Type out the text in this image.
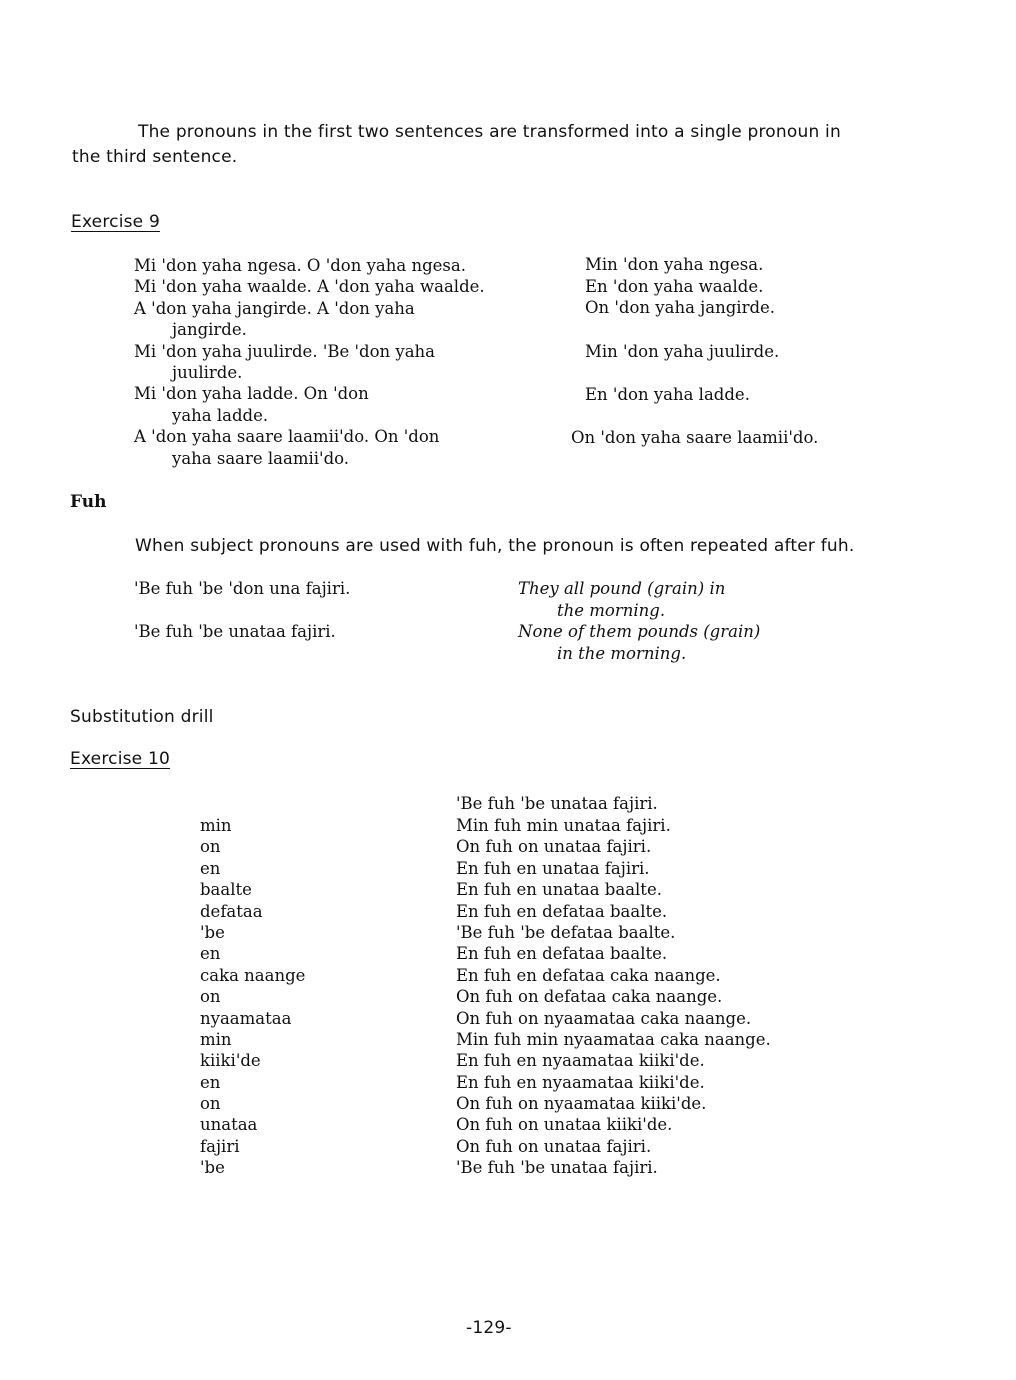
The pronouns in the first two sentences are transformed into a single pronoun in
the third sentence.
Exercise 9
Mi 'don yaha ngesa. O 'don yaha ngesa.
Mi 'don yaha waalde. A 'don yaha waalde.
A 'don yaha jangirde. A 'don yaha
jangirde.
Mi 'don yaha juulirde. 'Be 'don yaha
juulirde.
Mi 'don yaha ladde. On 'don
yaha ladde.
A 'don yaha saare laamii'do. On 'don
yaha saare laamii'do.
Min 'don yaha ngesa.
En 'don yaha waalde.
On 'don yaha jangirde.
Min 'don yaha juulirde.
En 'don yaha ladde.
On 'don yaha saare laamii'do.
Fuh
When subject pronouns are used with fuh, the pronoun is often repeated after fuh.
'Be fuh 'be 'don una fajiri.
'Be fuh 'be unataa fajiri.
They all pound (grain) in
the morning.
None of them pounds (grain)
in the morning.
Substitution drill
Exercise 10
'Be fuh 'be unataa fajiri.
min
on
en
baalte
defataa
'be
en
caka naange
on
nyaamataa
min
kiiki'de
en
on
unataa
fajiri
'be
Min fuh min unataa fajiri.
On fuh on unataa fajiri.
En fuh en unataa fajiri.
En fuh en unataa baalte.
En fuh en defataa baalte.
'Be fuh 'be defataa baalte.
En fuh en defataa baalte.
En fuh en defataa caka naange.
On fuh on defataa caka naange.
On fuh on nyaamataa caka naange.
Min fuh min nyaamataa caka naange.
En fuh en nyaamataa kiiki'de.
En fuh en nyaamataa kiiki'de.
On fuh on nyaamataa kiiki'de.
On fuh on unataa kiiki'de.
On fuh on unataa fajiri.
'Be fuh 'be unataa fajiri.
-129-
